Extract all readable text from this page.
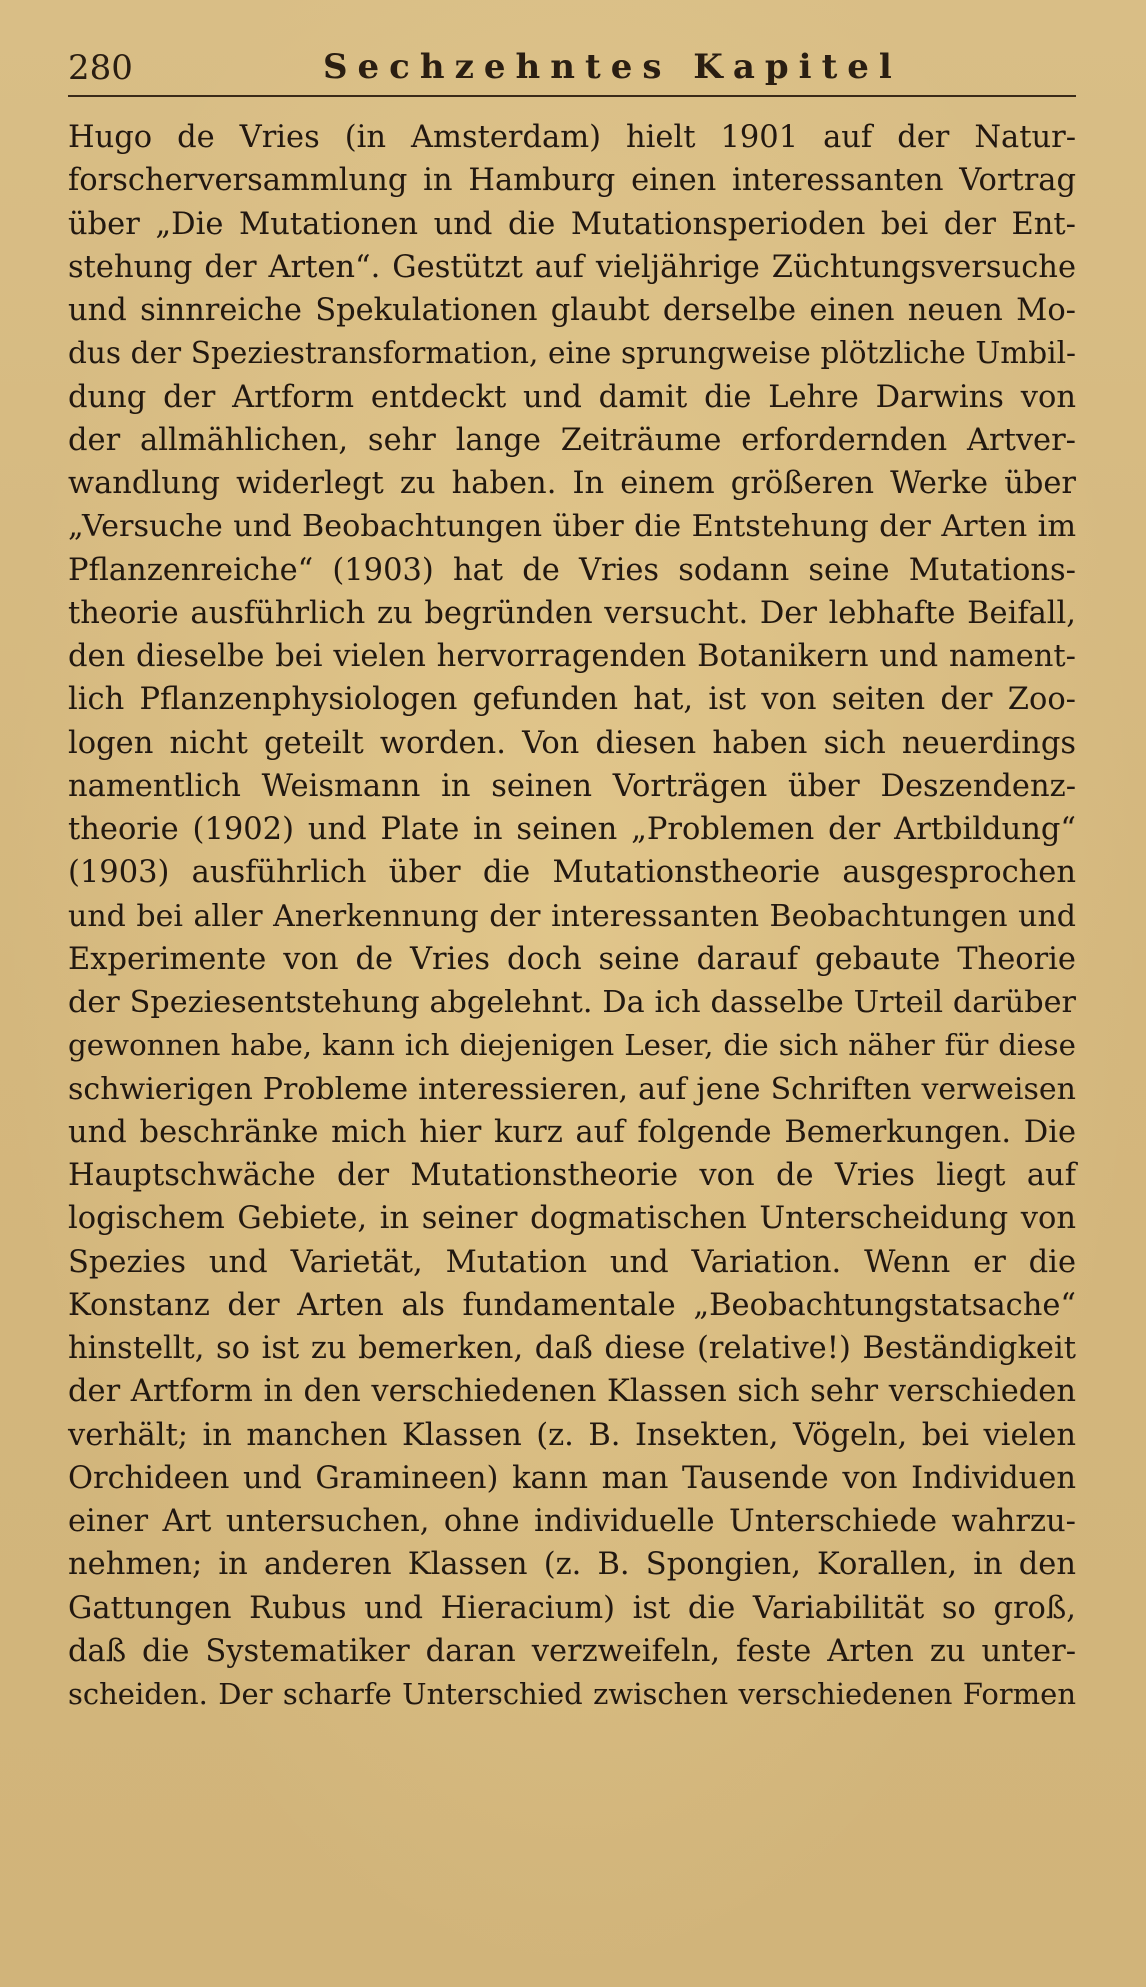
280	Sechzehntes Kapitel
Hugo de Vries (in Amsterdam) hielt 1901 auf der Natur-
forscherversammlung in Hamburg einen interessanten Vortrag
über „Die Mutationen und die Mutationsperioden bei der Ent-
stehung der Arten“. Gestützt auf vieljährige Züchtungsversuche
und sinnreiche Spekulationen glaubt derselbe einen neuen Mo-
dus der Speziestransformation, eine sprungweise plötzliche Umbil-
dung der Artform entdeckt und damit die Lehre Darwins von
der allmählichen, sehr lange Zeiträume erfordernden Artver-
wandlung widerlegt zu haben. In einem größeren Werke über
„Versuche und Beobachtungen über die Entstehung der Arten im
Pflanzenreiche“ (1903) hat de Vries sodann seine Mutations-
theorie ausführlich zu begründen versucht. Der lebhafte Beifall,
den dieselbe bei vielen hervorragenden Botanikern und nament-
lich Pflanzenphysiologen gefunden hat, ist von seiten der Zoo-
logen nicht geteilt worden. Von diesen haben sich neuerdings
namentlich Weismann in seinen Vorträgen über Deszendenz-
theorie (1902) und Plate in seinen „Problemen der Artbildung“
(1903) ausführlich über die Mutationstheorie ausgesprochen
und bei aller Anerkennung der interessanten Beobachtungen und
Experimente von de Vries doch seine darauf gebaute Theorie
der Speziesentstehung abgelehnt. Da ich dasselbe Urteil darüber
gewonnen habe, kann ich diejenigen Leser, die sich näher für diese
schwierigen Probleme interessieren, auf jene Schriften verweisen
und beschränke mich hier kurz auf folgende Bemerkungen. Die
Hauptschwäche der Mutationstheorie von de Vries liegt auf
logischem Gebiete, in seiner dogmatischen Unterscheidung von
Spezies und Varietät, Mutation und Variation. Wenn er die
Konstanz der Arten als fundamentale „Beobachtungstatsache“
hinstellt, so ist zu bemerken, daß diese (relative!) Beständigkeit
der Artform in den verschiedenen Klassen sich sehr verschieden
verhält; in manchen Klassen (z. B. Insekten, Vögeln, bei vielen
Orchideen und Gramineen) kann man Tausende von Individuen
einer Art untersuchen, ohne individuelle Unterschiede wahrzu-
nehmen; in anderen Klassen (z. B. Spongien, Korallen, in den
Gattungen Rubus und Hieracium) ist die Variabilität so groß,
daß die Systematiker daran verzweifeln, feste Arten zu unter-
scheiden. Der scharfe Unterschied zwischen verschiedenen Formen
